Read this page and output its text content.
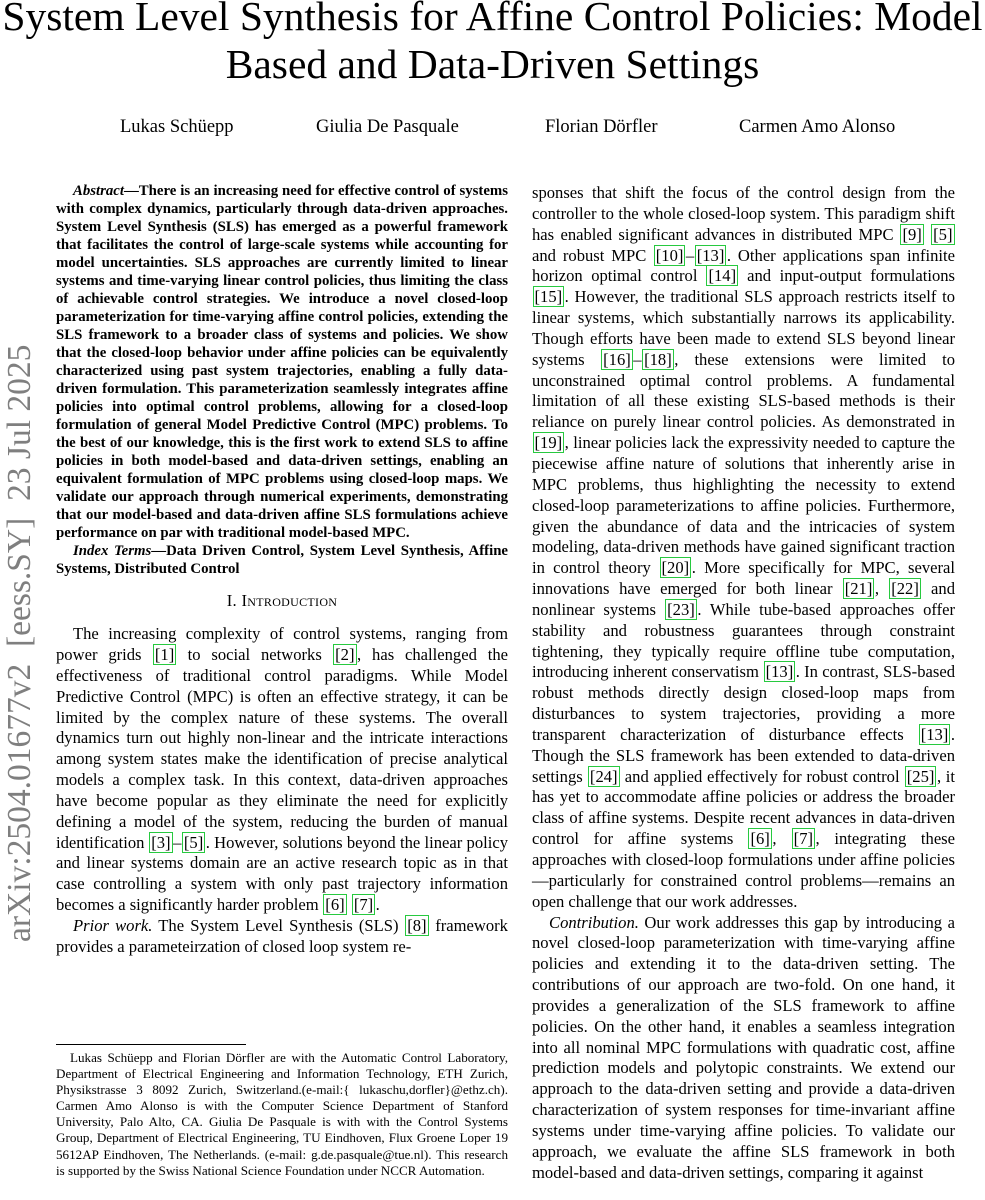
System Level Synthesis for Affine Control Policies: Model Based and Data-Driven Settings
Lukas Schüepp	Giulia De Pasquale	Florian Dörfler	Carmen Amo Alonso
arXiv:2504.01677v2  [eess.SY]  23 Jul 2025

Abstract—There is an increasing need for effective control of systems with complex dynamics, particularly through data-driven approaches. System Level Synthesis (SLS) has emerged as a powerful framework that facilitates the control of large-scale systems while accounting for model uncertainties. SLS approaches are currently limited to linear systems and time-varying linear control policies, thus limiting the class of achievable control strategies. We introduce a novel closed-loop parameterization for time-varying affine control policies, extending the SLS framework to a broader class of systems and policies. We show that the closed-loop behavior under affine policies can be equivalently characterized using past system trajectories, enabling a fully data-driven formulation. This parameterization seamlessly integrates affine policies into optimal control problems, allowing for a closed-loop formulation of general Model Predictive Control (MPC) problems. To the best of our knowledge, this is the first work to extend SLS to affine policies in both model-based and data-driven settings, enabling an equivalent formulation of MPC problems using closed-loop maps. We validate our approach through numerical experiments, demonstrating that our model-based and data-driven affine SLS formulations achieve performance on par with traditional model-based MPC.

Index Terms—Data Driven Control, System Level Synthesis, Affine Systems, Distributed Control

I. Introduction

The increasing complexity of control systems, ranging from power grids [1] to social networks [2] , has challenged the effectiveness of traditional control paradigms. While Model Predictive Control (MPC) is often an effective strategy, it can be limited by the complex nature of these systems. The overall dynamics turn out highly non-linear and the intricate interactions among system states make the identification of precise analytical models a complex task. In this context, data-driven approaches have become popular as they eliminate the need for explicitly defining a model of the system, reducing the burden of manual identification [3] – [5] . However, solutions beyond the linear policy and linear systems domain are an active research topic as in that case controlling a system with only past trajectory information becomes a significantly harder problem [6] [7] .

Prior work. The System Level Synthesis (SLS) [8] framework provides a parameteirzation of closed loop system re-

Lukas Schüepp and Florian Dörfler are with the Automatic Control Laboratory, Department of Electrical Engineering and Information Technology, ETH Zurich, Physikstrasse 3 8092 Zurich, Switzerland.(e-mail:{ lukaschu,dorfler}@ethz.ch). Carmen Amo Alonso is with the Computer Science Department of Stanford University, Palo Alto, CA. Giulia De Pasquale is with with the Control Systems Group, Department of Electrical Engineering, TU Eindhoven, Flux Groene Loper 19 5612AP Eindhoven, The Netherlands. (e-mail: g.de.pasquale@tue.nl). This research is supported by the Swiss National Science Foundation under NCCR Automation.

sponses that shift the focus of the control design from the controller to the whole closed-loop system. This paradigm shift has enabled significant advances in distributed MPC [9] [5] and robust MPC [10] – [13] . Other applications span infinite horizon optimal control [14] and input-output formulations [15] . However, the traditional SLS approach restricts itself to linear systems, which substantially narrows its applicability. Though efforts have been made to extend SLS beyond linear systems [16] – [18] , these extensions were limited to unconstrained optimal control problems. A fundamental limitation of all these existing SLS-based methods is their reliance on purely linear control policies. As demonstrated in [19] , linear policies lack the expressivity needed to capture the piecewise affine nature of solutions that inherently arise in MPC problems, thus highlighting the necessity to extend closed-loop parameterizations to affine policies. Furthermore, given the abundance of data and the intricacies of system modeling, data-driven methods have gained significant traction in control theory [20] . More specifically for MPC, several innovations have emerged for both linear [21] , [22] and nonlinear systems [23] . While tube-based approaches offer stability and robustness guarantees through constraint tightening, they typically require offline tube computation, introducing inherent conservatism [13] . In contrast, SLS-based robust methods directly design closed-loop maps from disturbances to system trajectories, providing a more transparent characterization of disturbance effects [13] . Though the SLS framework has been extended to data-driven settings [24] and applied effectively for robust control [25] , it has yet to accommodate affine policies or address the broader class of affine systems. Despite recent advances in data-driven control for affine systems [6] , [7] , integrating these approaches with closed-loop formulations under affine policies—particularly for constrained control problems—remains an open challenge that our work addresses.

Contribution. Our work addresses this gap by introducing a novel closed-loop parameterization with time-varying affine policies and extending it to the data-driven setting. The contributions of our approach are two-fold. On one hand, it provides a generalization of the SLS framework to affine policies. On the other hand, it enables a seamless integration into all nominal MPC formulations with quadratic cost, affine prediction models and polytopic constraints. We extend our approach to the data-driven setting and provide a data-driven characterization of system responses for time-invariant affine systems under time-varying affine policies. To validate our approach, we evaluate the affine SLS framework in both model-based and data-driven settings, comparing it against
